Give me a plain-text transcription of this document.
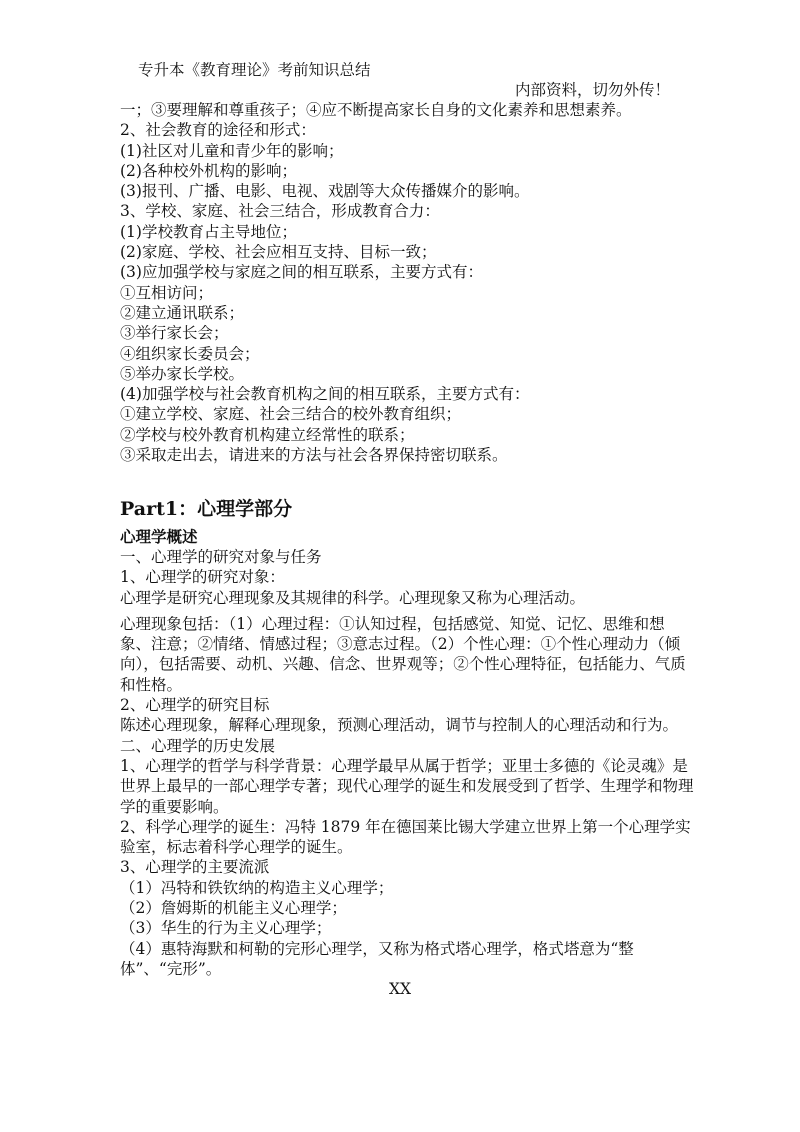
专升本《教育理论》考前知识总结
内部资料，切勿外传！

一；③要理解和尊重孩子；④应不断提高家长自身的文化素养和思想素养。

2、社会教育的途径和形式：

(1)社区对儿童和青少年的影响；

(2)各种校外机构的影响；

(3)报刊、广播、电影、电视、戏剧等大众传播媒介的影响。

3、学校、家庭、社会三结合，形成教育合力：

(1)学校教育占主导地位；

(2)家庭、学校、社会应相互支持、目标一致；

(3)应加强学校与家庭之间的相互联系，主要方式有：

①互相访问；

②建立通讯联系；

③举行家长会；

④组织家长委员会；

⑤举办家长学校。

(4)加强学校与社会教育机构之间的相互联系，主要方式有：

①建立学校、家庭、社会三结合的校外教育组织；

②学校与校外教育机构建立经常性的联系；

③采取走出去，请进来的方法与社会各界保持密切联系。

Part1：心理学部分
心理学概述

一、心理学的研究对象与任务

1、心理学的研究对象：

心理学是研究心理现象及其规律的科学。心理现象又称为心理活动。

心理现象包括：（1）心理过程：①认知过程，包括感觉、知觉、记忆、思维和想象、注意；②情绪、情感过程；③意志过程。（2）个性心理：①个性心理动力（倾向），包括需要、动机、兴趣、信念、世界观等；②个性心理特征，包括能力、气质和性格。

2、心理学的研究目标

陈述心理现象，解释心理现象，预测心理活动，调节与控制人的心理活动和行为。

二、心理学的历史发展

1、心理学的哲学与科学背景：心理学最早从属于哲学；亚里士多德的《论灵魂》是世界上最早的一部心理学专著；现代心理学的诞生和发展受到了哲学、生理学和物理学的重要影响。

2、科学心理学的诞生：冯特 1879 年在德国莱比锡大学建立世界上第一个心理学实验室，标志着科学心理学的诞生。

3、心理学的主要流派

（1）冯特和铁钦纳的构造主义心理学；

（2）詹姆斯的机能主义心理学；

（3）华生的行为主义心理学；

（4）惠特海默和柯勒的完形心理学，又称为格式塔心理学，格式塔意为“整体”、“完形”。

XX
